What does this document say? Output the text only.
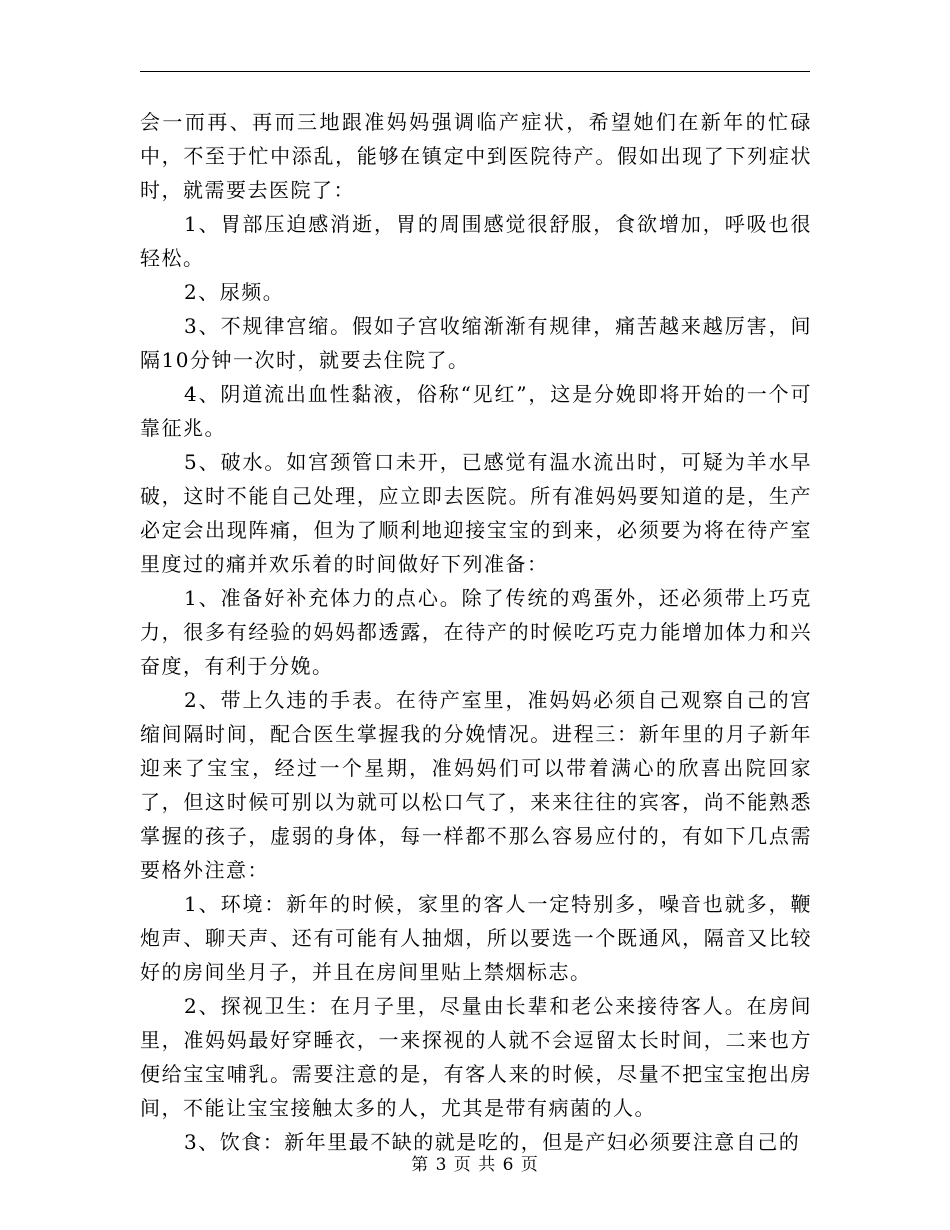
会一而再、再而三地跟准妈妈强调临产症状，希望她们在新年的忙碌中，不至于忙中添乱，能够在镇定中到医院待产。假如出现了下列症状时，就需要去医院了：

1、胃部压迫感消逝，胃的周围感觉很舒服，食欲增加，呼吸也很轻松。

2、尿频。

3、不规律宫缩。假如子宫收缩渐渐有规律，痛苦越来越厉害，间隔10分钟一次时，就要去住院了。

4、阴道流出血性黏液，俗称“见红”，这是分娩即将开始的一个可靠征兆。

5、破水。如宫颈管口未开，已感觉有温水流出时，可疑为羊水早破，这时不能自己处理，应立即去医院。所有准妈妈要知道的是，生产必定会出现阵痛，但为了顺利地迎接宝宝的到来，必须要为将在待产室里度过的痛并欢乐着的时间做好下列准备：

1、准备好补充体力的点心。除了传统的鸡蛋外，还必须带上巧克力，很多有经验的妈妈都透露，在待产的时候吃巧克力能增加体力和兴奋度，有利于分娩。

2、带上久违的手表。在待产室里，准妈妈必须自己观察自己的宫缩间隔时间，配合医生掌握我的分娩情况。进程三：新年里的月子新年迎来了宝宝，经过一个星期，准妈妈们可以带着满心的欣喜出院回家了，但这时候可别以为就可以松口气了，来来往往的宾客，尚不能熟悉掌握的孩子，虚弱的身体，每一样都不那么容易应付的，有如下几点需要格外注意：

1、环境：新年的时候，家里的客人一定特别多，噪音也就多，鞭炮声、聊天声、还有可能有人抽烟，所以要选一个既通风，隔音又比较好的房间坐月子，并且在房间里贴上禁烟标志。

2、探视卫生：在月子里，尽量由长辈和老公来接待客人。在房间里，准妈妈最好穿睡衣，一来探视的人就不会逗留太长时间，二来也方便给宝宝哺乳。需要注意的是，有客人来的时候，尽量不把宝宝抱出房间，不能让宝宝接触太多的人，尤其是带有病菌的人。

3、饮食：新年里最不缺的就是吃的，但是产妇必须要注意自己的

第 3 页 共 6 页
